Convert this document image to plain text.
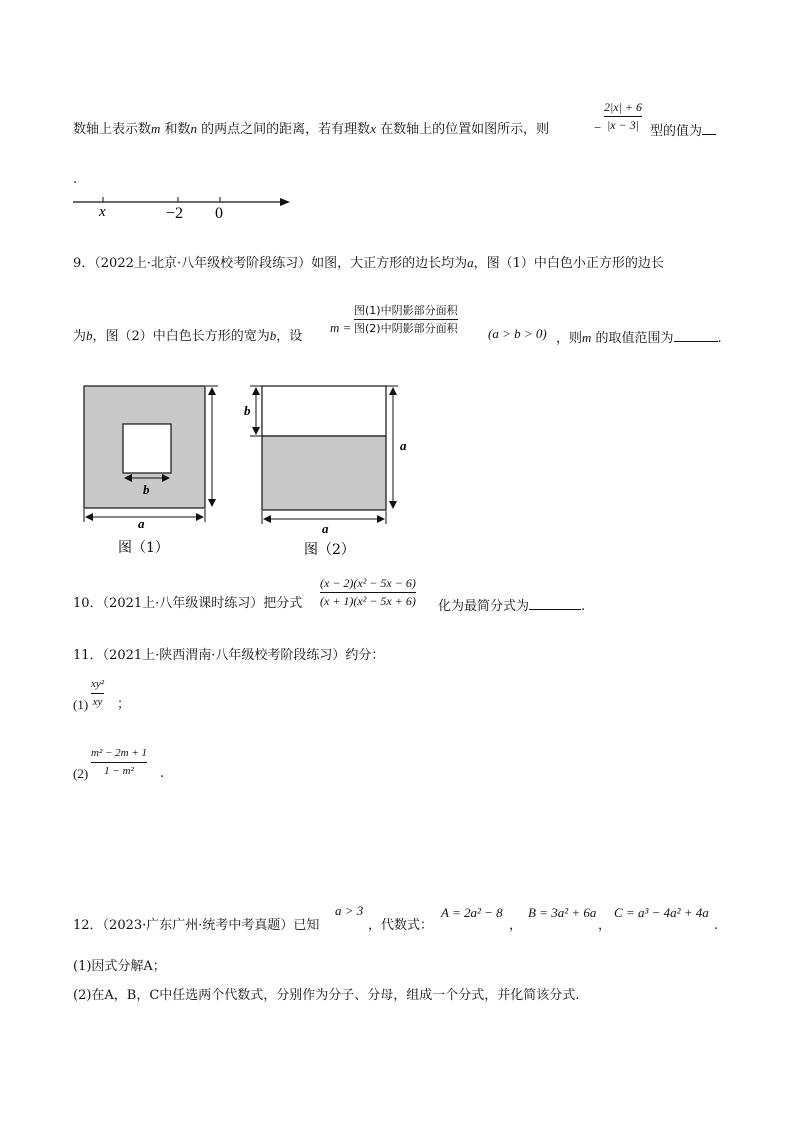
数轴上表示数m 和数n 的两点之间的距离，若有理数x 在数轴上的位置如图所示，则	−
2|x| + 6
|x − 3| 型的值为
.
x	−2 0
9．（2022上·北京·八年级校考阶段练习）如图，大正方形的边长均为a，图（1）中白色小正方形的边长
为b，图（2）中白色长方形的宽为b，设
m =
图(1)中阴影部分面积
图(2)中阴影部分面积 (a > b > 0) ，则m 的取值范围为	.
b
a
图（1）
b
a
a
图（2）
10．（2021上·八年级课时练习）把分式
(x − 2)(x² − 5x − 6)
(x + 1)(x² − 5x + 6) 化为最简分式为	.
11．（2021上·陕西渭南·八年级校考阶段练习）约分：
(1)
xy²
xy ；
(2)
m² − 2m + 1
1 − m²	.
12．（2023·广东广州·统考中考真题）已知
a > 3
，代数式：
A = 2a² − 8
，
B = 3a² + 6a
，
C = a³ − 4a² + 4a
.
(1)因式分解A；
(2)在A，B，C中任选两个代数式，分别作为分子、分母，组成一个分式，并化简该分式.
